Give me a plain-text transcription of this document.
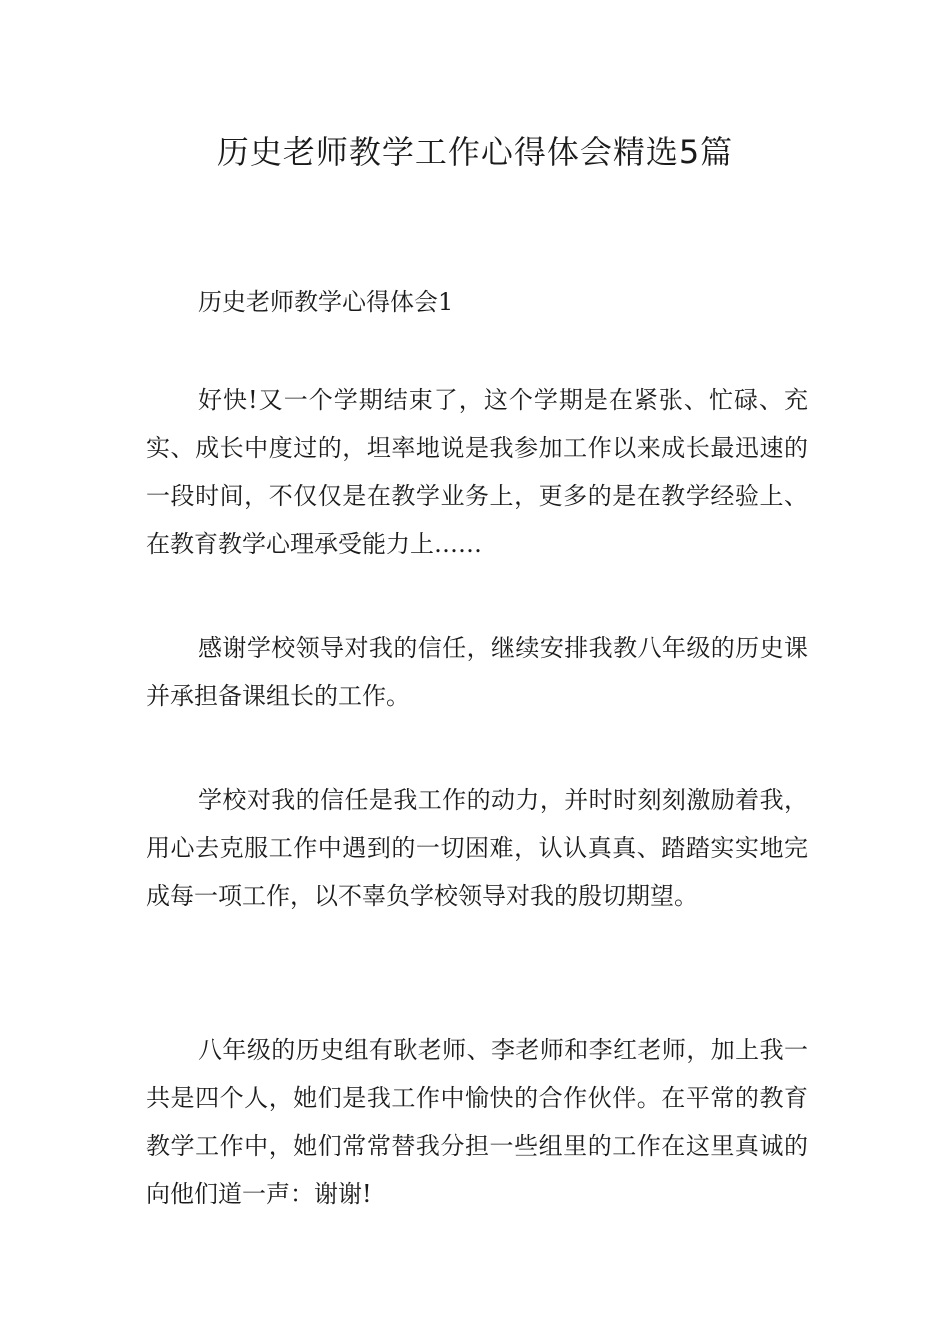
历史老师教学工作心得体会精选5篇

历史老师教学心得体会1

好快!又一个学期结束了，这个学期是在紧张、忙碌、充实、成长中度过的，坦率地说是我参加工作以来成长最迅速的一段时间，不仅仅是在教学业务上，更多的是在教学经验上、在教育教学心理承受能力上……

感谢学校领导对我的信任，继续安排我教八年级的历史课并承担备课组长的工作。

学校对我的信任是我工作的动力，并时时刻刻激励着我，用心去克服工作中遇到的一切困难，认认真真、踏踏实实地完成每一项工作，以不辜负学校领导对我的殷切期望。

八年级的历史组有耿老师、李老师和李红老师，加上我一共是四个人，她们是我工作中愉快的合作伙伴。在平常的教育教学工作中，她们常常替我分担一些组里的工作在这里真诚的向他们道一声：谢谢!
